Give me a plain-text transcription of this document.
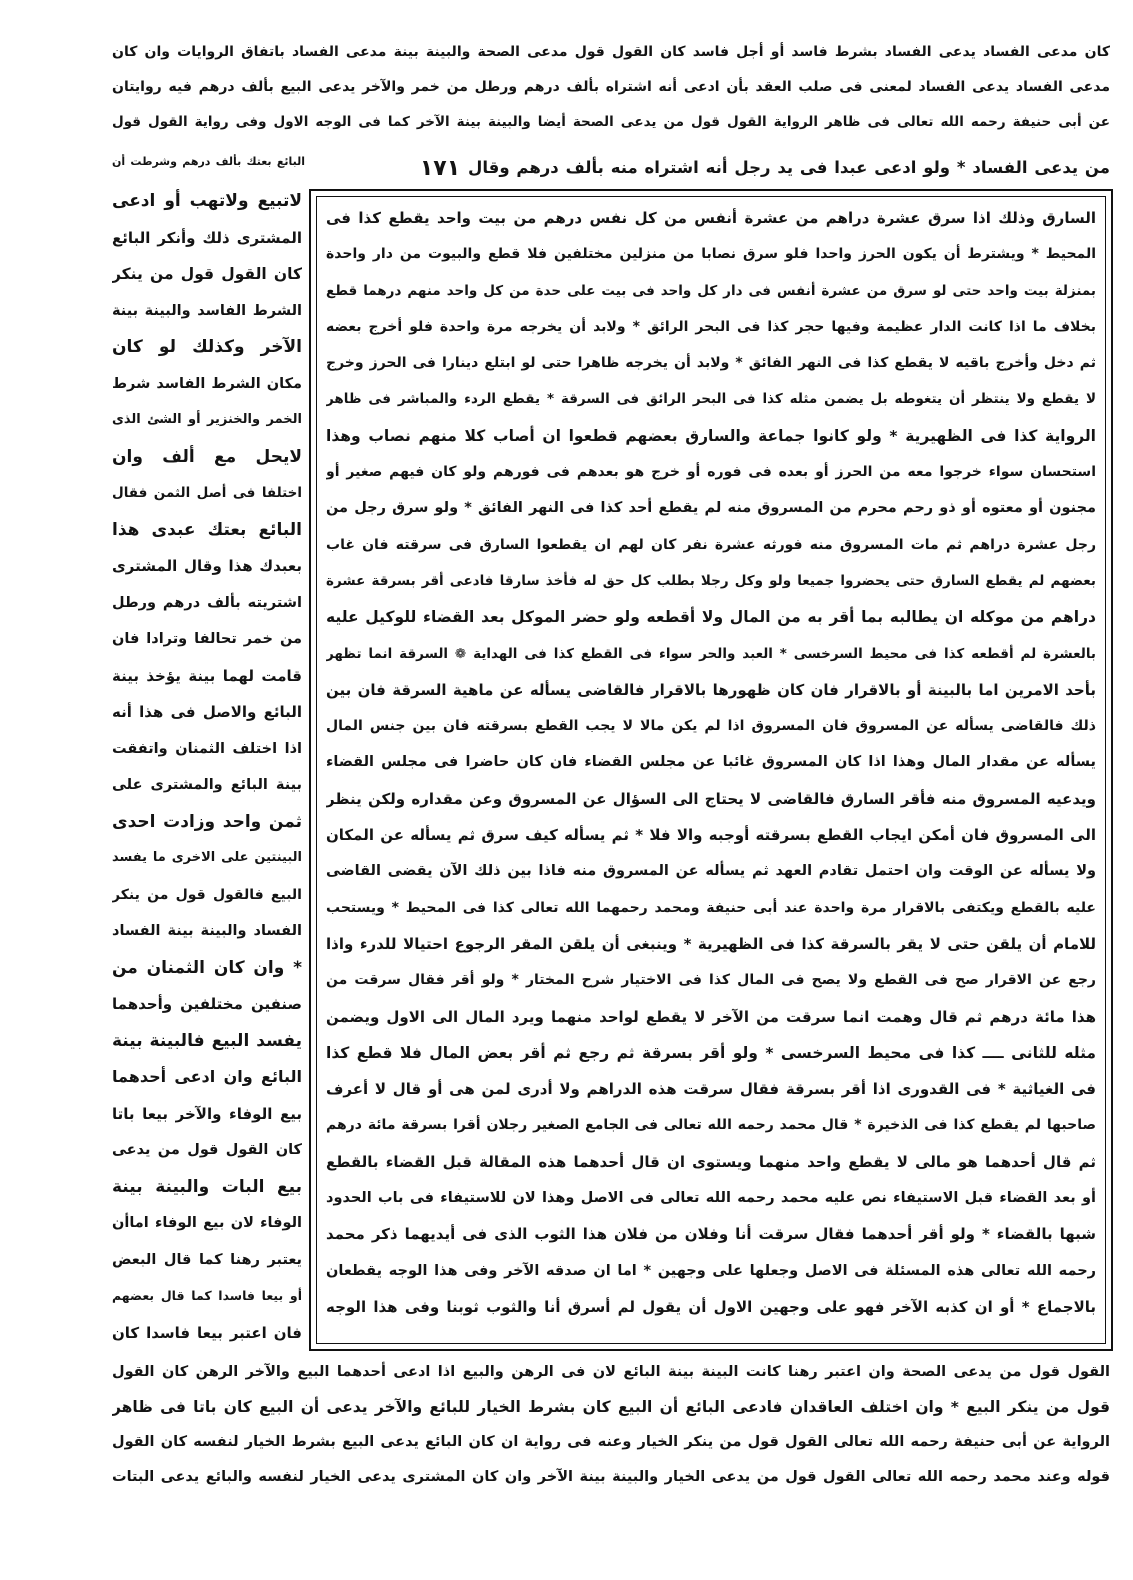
كان مدعى الفساد يدعى الفساد بشرط فاسد أو أجل فاسد كان القول قول مدعى الصحة والبينة بينة مدعى الفساد باتفاق الروايات وان كان
مدعى الفساد يدعى الفساد لمعنى فى صلب العقد بأن ادعى أنه اشتراه بألف درهم ورطل من خمر والآخر يدعى البيع بألف درهم فيه روايتان
عن أبى حنيفة رحمه الله تعالى فى ظاهر الرواية القول قول من يدعى الصحة أيضا والبينة بينة الآخر كما فى الوجه الاول وفى رواية القول قول
من يدعى الفساد * ولو ادعى عبدا فى يد رجل أنه اشتراه منه بألف درهم وقال
١٧١
البائع بعتك بألف درهم وشرطت أن
لاتبيع ولاتهب أو ادعى
المشترى ذلك وأنكر البائع
كان القول قول من ينكر
الشرط الفاسد والبينة بينة
الآخر وكذلك لو كان
مكان الشرط الفاسد شرط
الخمر والخنزير أو الشئ الذى
لايحل مع ألف وان
اختلفا فى أصل الثمن فقال
البائع بعتك عبدى هذا
بعبدك هذا وقال المشترى
اشتريته بألف درهم ورطل
من خمر تحالفا وترادا فان
قامت لهما بينة يؤخذ بينة
البائع والاصل فى هذا أنه
اذا اختلف الثمنان واتفقت
بينة البائع والمشترى على
ثمن واحد وزادت احدى
البينتين على الاخرى ما يفسد
البيع فالقول قول من ينكر
الفساد والبينة بينة الفساد
* وان كان الثمنان من
صنفين مختلفين وأحدهما
يفسد البيع فالبينة بينة
البائع وان ادعى أحدهما
بيع الوفاء والآخر بيعا باتا
كان القول قول من يدعى
بيع البات والبينة بينة
الوفاء لان بيع الوفاء اماأن
يعتبر رهنا كما قال البعض
أو بيعا فاسدا كما قال بعضهم
فان اعتبر بيعا فاسدا كان
السارق وذلك اذا سرق عشرة دراهم من عشرة أنفس من كل نفس درهم من بيت واحد يقطع كذا فى
المحيط * ويشترط أن يكون الحرز واحدا فلو سرق نصابا من منزلين مختلفين فلا قطع والبيوت من دار واحدة
بمنزلة بيت واحد حتى لو سرق من عشرة أنفس فى دار كل واحد فى بيت على حدة من كل واحد منهم درهما قطع
بخلاف ما اذا كانت الدار عظيمة وفيها حجر كذا فى البحر الرائق * ولابد أن يخرجه مرة واحدة فلو أخرج بعضه
ثم دخل وأخرج باقيه لا يقطع كذا فى النهر الفائق * ولابد أن يخرجه ظاهرا حتى لو ابتلع دينارا فى الحرز وخرج
لا يقطع ولا ينتظر أن يتغوطه بل يضمن مثله كذا فى البحر الرائق فى السرقة * يقطع الردء والمباشر فى ظاهر
الرواية كذا فى الظهيرية * ولو كانوا جماعة والسارق بعضهم قطعوا ان أصاب كلا منهم نصاب وهذا
استحسان سواء خرجوا معه من الحرز أو بعده فى فوره أو خرج هو بعدهم فى فورهم ولو كان فيهم صغير أو
مجنون أو معتوه أو ذو رحم محرم من المسروق منه لم يقطع أحد كذا فى النهر الفائق * ولو سرق رجل من
رجل عشرة دراهم ثم مات المسروق منه فورثه عشرة نفر كان لهم ان يقطعوا السارق فى سرقته فان غاب
بعضهم لم يقطع السارق حتى يحضروا جميعا ولو وكل رجلا بطلب كل حق له فأخذ سارقا فادعى أقر بسرقة عشرة
دراهم من موكله ان يطالبه بما أقر به من المال ولا أقطعه ولو حضر الموكل بعد القضاء للوكيل عليه
بالعشرة لم أقطعه كذا فى محيط السرخسى * العبد والحر سواء فى القطع كذا فى الهداية ❁ السرقة انما تظهر
بأحد الامرين اما بالبينة أو بالاقرار فان كان ظهورها بالاقرار فالقاضى يسأله عن ماهية السرقة فان بين
ذلك فالقاضى يسأله عن المسروق فان المسروق اذا لم يكن مالا لا يجب القطع بسرقته فان بين جنس المال
يسأله عن مقدار المال وهذا اذا كان المسروق غائبا عن مجلس القضاء فان كان حاضرا فى مجلس القضاء
ويدعيه المسروق منه فأقر السارق فالقاضى لا يحتاج الى السؤال عن المسروق وعن مقداره ولكن ينظر
الى المسروق فان أمكن ايجاب القطع بسرقته أوجبه والا فلا * ثم يسأله كيف سرق ثم يسأله عن المكان
ولا يسأله عن الوقت وان احتمل تقادم العهد ثم يسأله عن المسروق منه فاذا بين ذلك الآن يقضى القاضى
عليه بالقطع ويكتفى بالاقرار مرة واحدة عند أبى حنيفة ومحمد رحمهما الله تعالى كذا فى المحيط * ويستحب
للامام أن يلقن حتى لا يقر بالسرقة كذا فى الظهيرية * وينبغى أن يلقن المقر الرجوع احتيالا للدرء واذا
رجع عن الاقرار صح فى القطع ولا يصح فى المال كذا فى الاختيار شرح المختار * ولو أقر فقال سرقت من
هذا مائة درهم ثم قال وهمت انما سرقت من الآخر لا يقطع لواحد منهما ويرد المال الى الاول ويضمن
مثله للثانى ــــ كذا فى محيط السرخسى * ولو أقر بسرقة ثم رجع ثم أقر بعض المال فلا قطع كذا
فى الغياثية * فى القدورى اذا أقر بسرقة فقال سرقت هذه الدراهم ولا أدرى لمن هى أو قال لا أعرف
صاحبها لم يقطع كذا فى الذخيرة * قال محمد رحمه الله تعالى فى الجامع الصغير رجلان أقرا بسرقة مائة درهم
ثم قال أحدهما هو مالى لا يقطع واحد منهما ويستوى ان قال أحدهما هذه المقالة قبل القضاء بالقطع
أو بعد القضاء قبل الاستيفاء نص عليه محمد رحمه الله تعالى فى الاصل وهذا لان للاستيفاء فى باب الحدود
شبها بالقضاء * ولو أقر أحدهما فقال سرقت أنا وفلان من فلان هذا الثوب الذى فى أيديهما ذكر محمد
رحمه الله تعالى هذه المسئلة فى الاصل وجعلها على وجهين * اما ان صدقه الآخر وفى هذا الوجه يقطعان
بالاجماع * أو ان كذبه الآخر فهو على وجهين الاول أن يقول لم أسرق أنا والثوب ثوبنا وفى هذا الوجه
القول قول من يدعى الصحة وان اعتبر رهنا كانت البينة بينة البائع لان فى الرهن والبيع اذا ادعى أحدهما البيع والآخر الرهن كان القول
قول من ينكر البيع * وان اختلف العاقدان فادعى البائع أن البيع كان بشرط الخيار للبائع والآخر يدعى أن البيع كان باتا فى ظاهر
الرواية عن أبى حنيفة رحمه الله تعالى القول قول من ينكر الخيار وعنه فى رواية ان كان البائع يدعى البيع بشرط الخيار لنفسه كان القول
قوله وعند محمد رحمه الله تعالى القول قول من يدعى الخيار والبينة بينة الآخر وان كان المشترى يدعى الخيار لنفسه والبائع يدعى البتات
